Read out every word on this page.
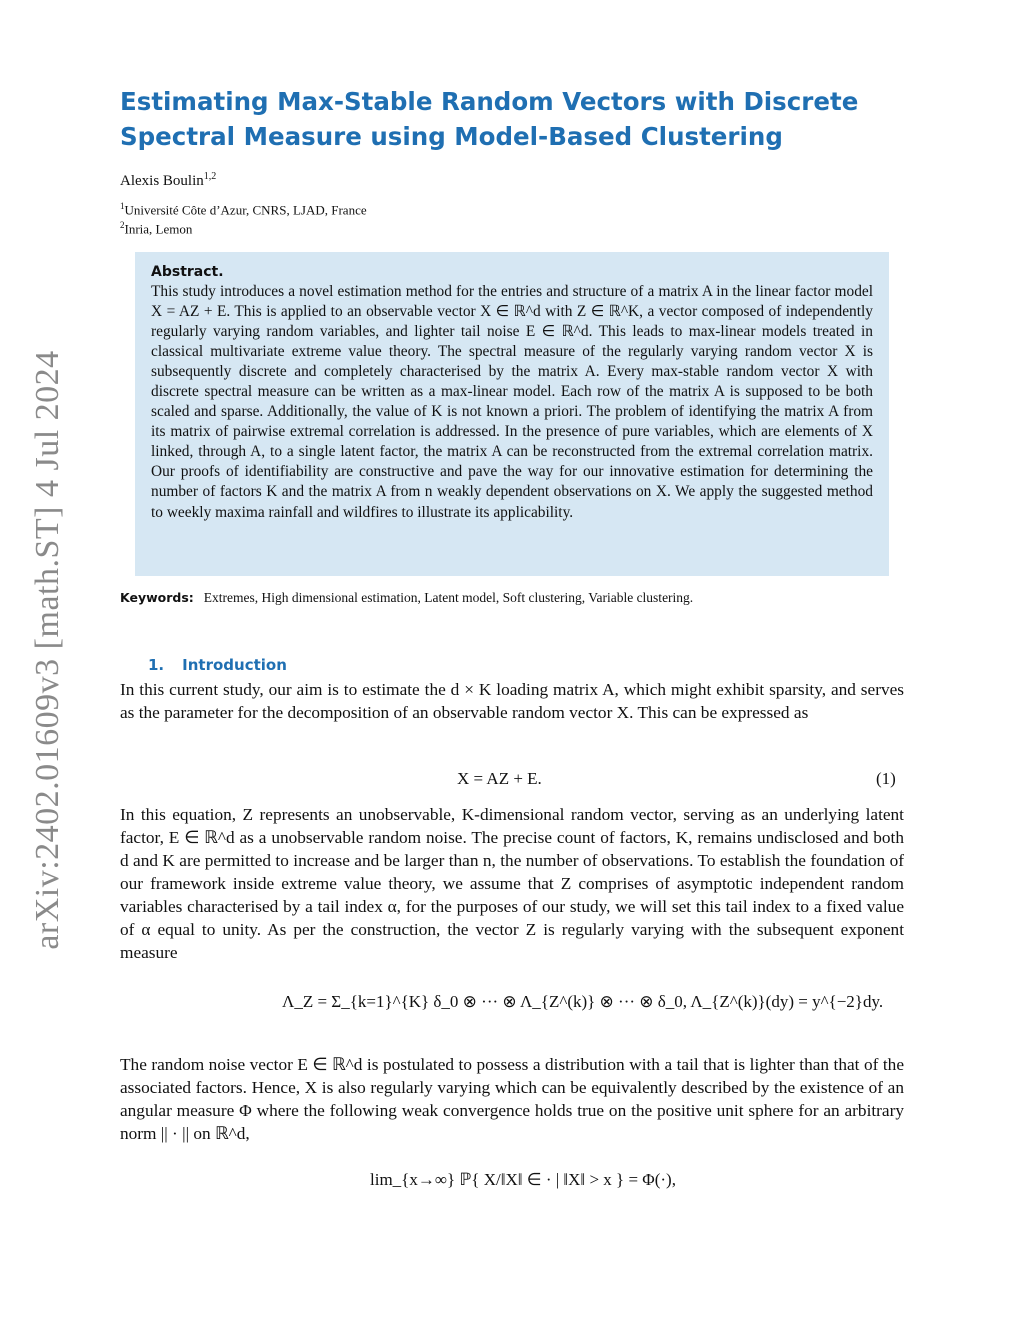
arXiv:2402.01609v3 [math.ST] 4 Jul 2024
Estimating Max-Stable Random Vectors with Discrete
Spectral Measure using Model-Based Clustering
Alexis Boulin$^{1,2}$
$^1$Université Côte d’Azur, CNRS, LJAD, France
$^2$Inria, Lemon

Abstract.

This study introduces a novel estimation method for the entries and structure of a matrix A in the linear factor model X = AZ + E. This is applied to an observable vector X ∈ ℝ^d with Z ∈ ℝ^K, a vector composed of independently regularly varying random variables, and lighter tail noise E ∈ ℝ^d. This leads to max-linear models treated in classical multivariate extreme value theory. The spectral measure of the regularly varying random vector X is subsequently discrete and completely characterised by the matrix A. Every max-stable random vector X with discrete spectral measure can be written as a max-linear model. Each row of the matrix A is supposed to be both scaled and sparse. Additionally, the value of K is not known a priori. The problem of identifying the matrix A from its matrix of pairwise extremal correlation is addressed. In the presence of pure variables, which are elements of X linked, through A, to a single latent factor, the matrix A can be reconstructed from the extremal correlation matrix. Our proofs of identifiability are constructive and pave the way for our innovative estimation for determining the number of factors K and the matrix A from n weakly dependent observations on X. We apply the suggested method to weekly maxima rainfall and wildfires to illustrate its applicability.

Keywords: Extremes, High dimensional estimation, Latent model, Soft clustering, Variable clustering.
1. Introduction

In this current study, our aim is to estimate the d × K loading matrix A, which might exhibit sparsity, and serves as the parameter for the decomposition of an observable random vector X. This can be expressed as

X = AZ + E.	(1)

In this equation, Z represents an unobservable, K-dimensional random vector, serving as an underlying latent factor, E ∈ ℝ^d as a unobservable random noise. The precise count of factors, K, remains undisclosed and both d and K are permitted to increase and be larger than n, the number of observations. To establish the foundation of our framework inside extreme value theory, we assume that Z comprises of asymptotic independent random variables characterised by a tail index α, for the purposes of our study, we will set this tail index to a fixed value of α equal to unity. As per the construction, the vector Z is regularly varying with the subsequent exponent measure

Λ_Z = Σ_{k=1}^{K} δ_0 ⊗ ··· ⊗ Λ_{Z^(k)} ⊗ ··· ⊗ δ_0, Λ_{Z^(k)}(dy) = y^{−2}dy.

The random noise vector E ∈ ℝ^d is postulated to possess a distribution with a tail that is lighter than that of the associated factors. Hence, X is also regularly varying which can be equivalently described by the existence of an angular measure Φ where the following weak convergence holds true on the positive unit sphere for an arbitrary norm || · || on ℝ^d,

lim_{x→∞} ℙ{ X/‖X‖ ∈ · | ‖X‖ > x } = Φ(·),
